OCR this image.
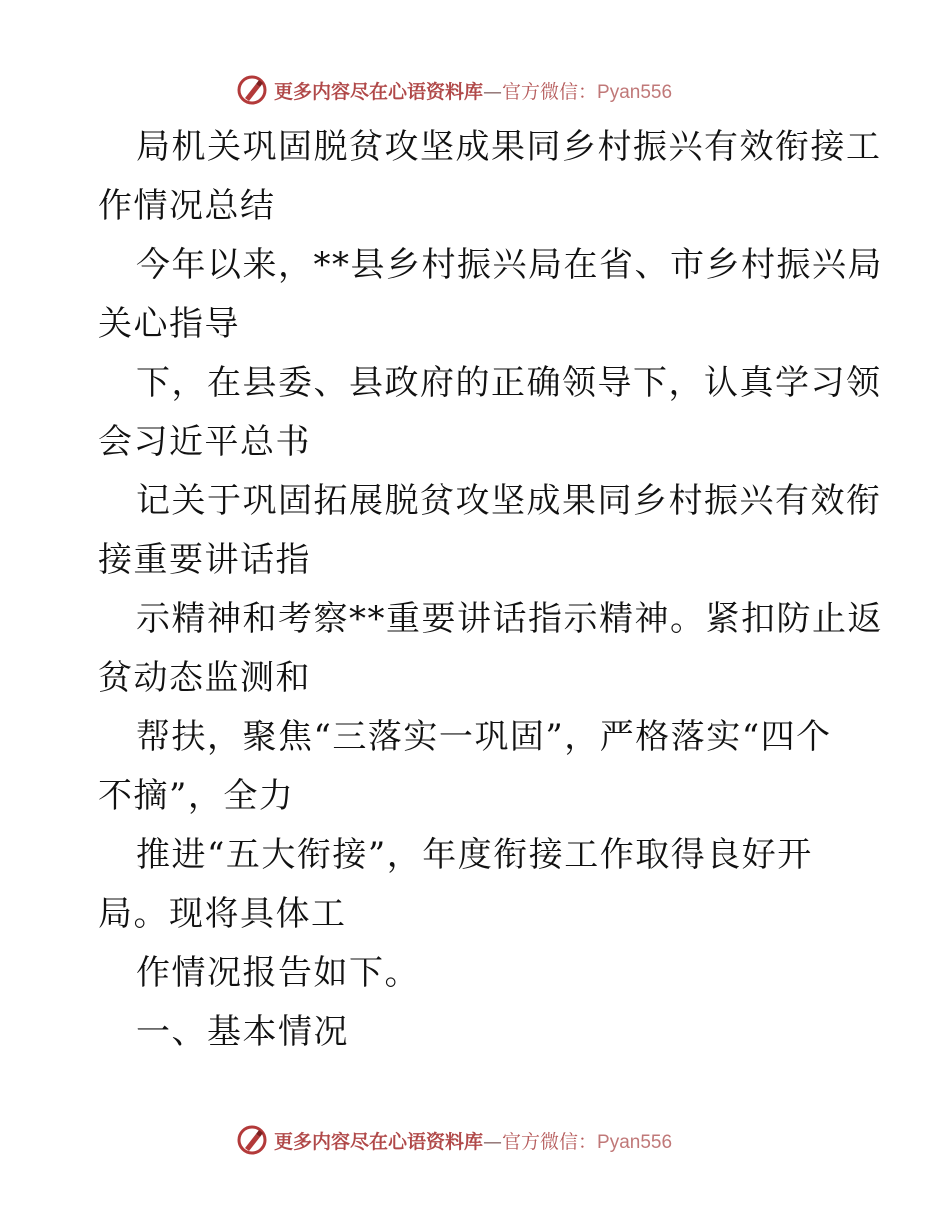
更多内容尽在心语资料库—官方微信：Pyan556
局机关巩固脱贫攻坚成果同乡村振兴有效衔接工
作情况总结
今年以来，**县乡村振兴局在省、市乡村振兴局
关心指导
下，在县委、县政府的正确领导下，认真学习领
会习近平总书
记关于巩固拓展脱贫攻坚成果同乡村振兴有效衔
接重要讲话指
示精神和考察**重要讲话指示精神。紧扣防止返
贫动态监测和
帮扶，聚焦“三落实一巩固”，严格落实“四个
不摘”，全力
推进“五大衔接”，年度衔接工作取得良好开
局。现将具体工
作情况报告如下。
一、基本情况
更多内容尽在心语资料库—官方微信：Pyan556
